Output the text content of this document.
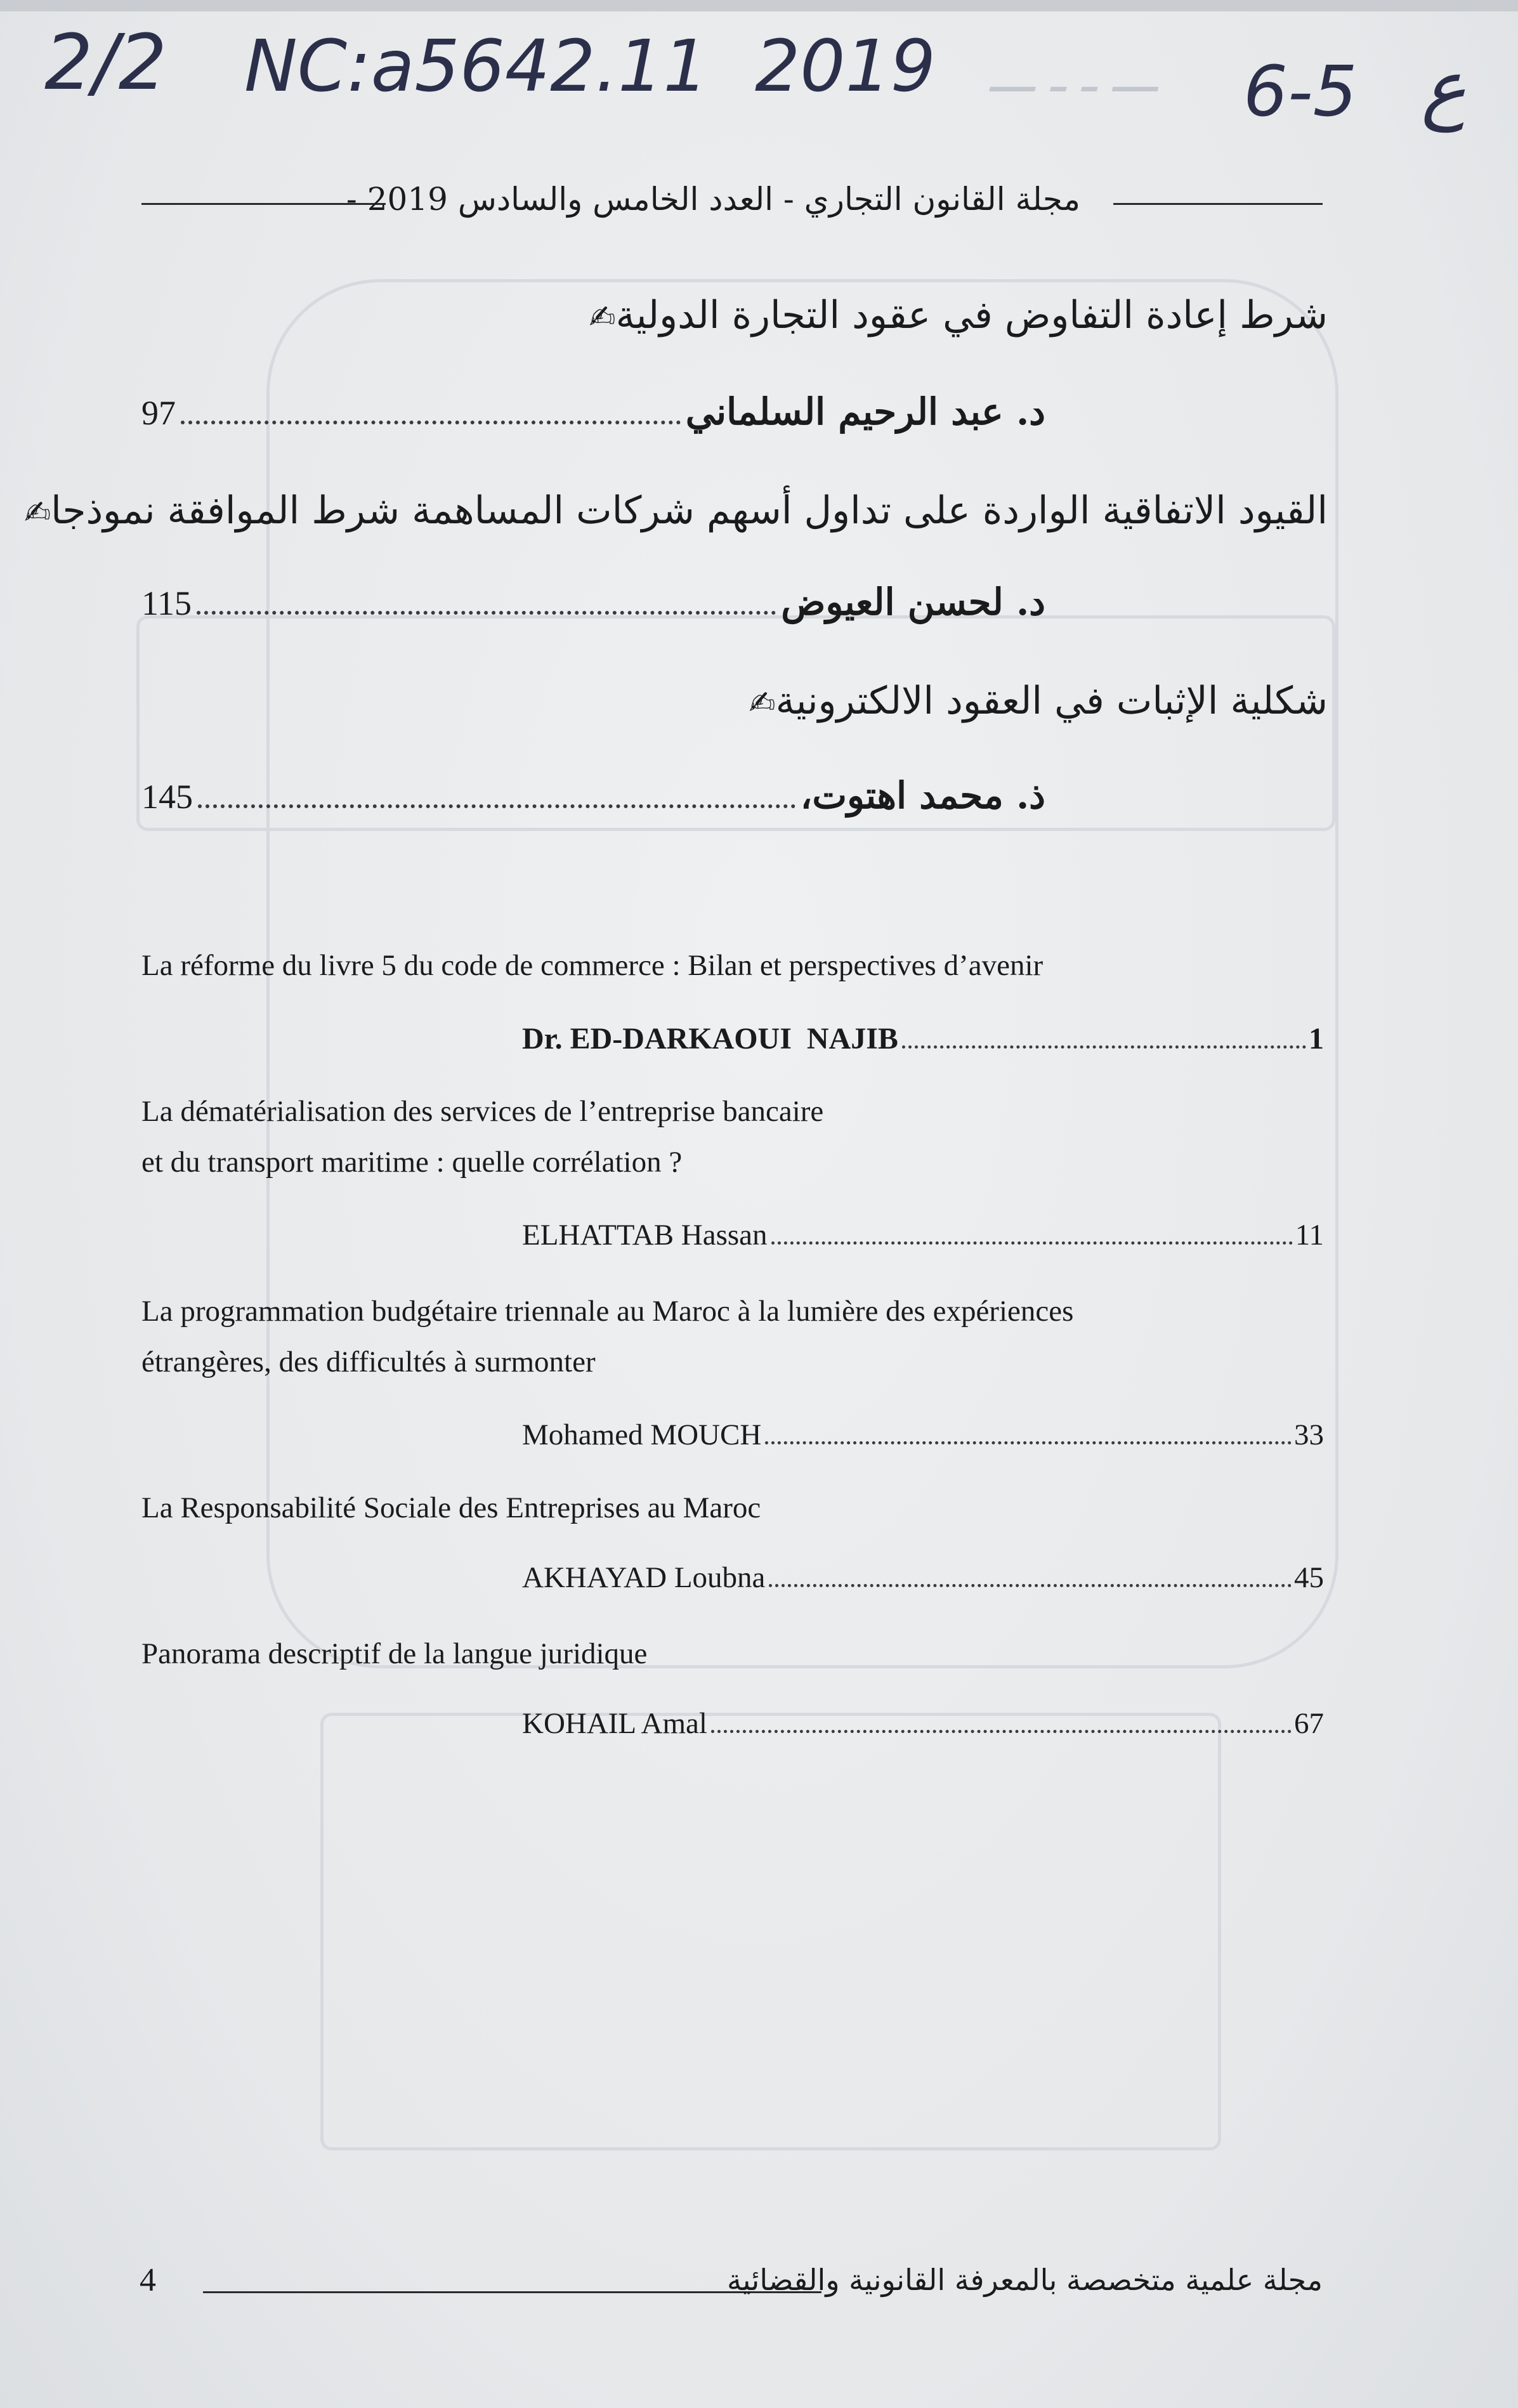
2/2 NC:a5642.11 2019 ـــ ـ ـ ـــ 6-5 ع
مجلة القانون التجاري - العدد الخامس والسادس 2019 -
شرط إعادة التفاوض في عقود التجارة الدولية✍
97	د. عبد الرحيم السلماني
القيود الاتفاقية الواردة على تداول أسهم شركات المساهمة شرط الموافقة نموذجا✍
115	د. لحسن العيوض
شكلية الإثبات في العقود الالكترونية✍
145	ذ. محمد اهتوت،
La réforme du livre 5 du code de commerce : Bilan et perspectives d’avenir
Dr. ED-DARKAOUI  NAJIB	1
La dématérialisation des services de l’entreprise bancaire
et du transport maritime : quelle corrélation ?
ELHATTAB Hassan	11
La programmation budgétaire triennale au Maroc à la lumière des expériences
étrangères, des difficultés à surmonter
Mohamed MOUCH	33
La Responsabilité Sociale des Entreprises au Maroc
AKHAYAD Loubna	45
Panorama descriptif de la langue juridique
KOHAIL Amal	67
4	مجلة علمية متخصصة بالمعرفة القانونية والقضائية
